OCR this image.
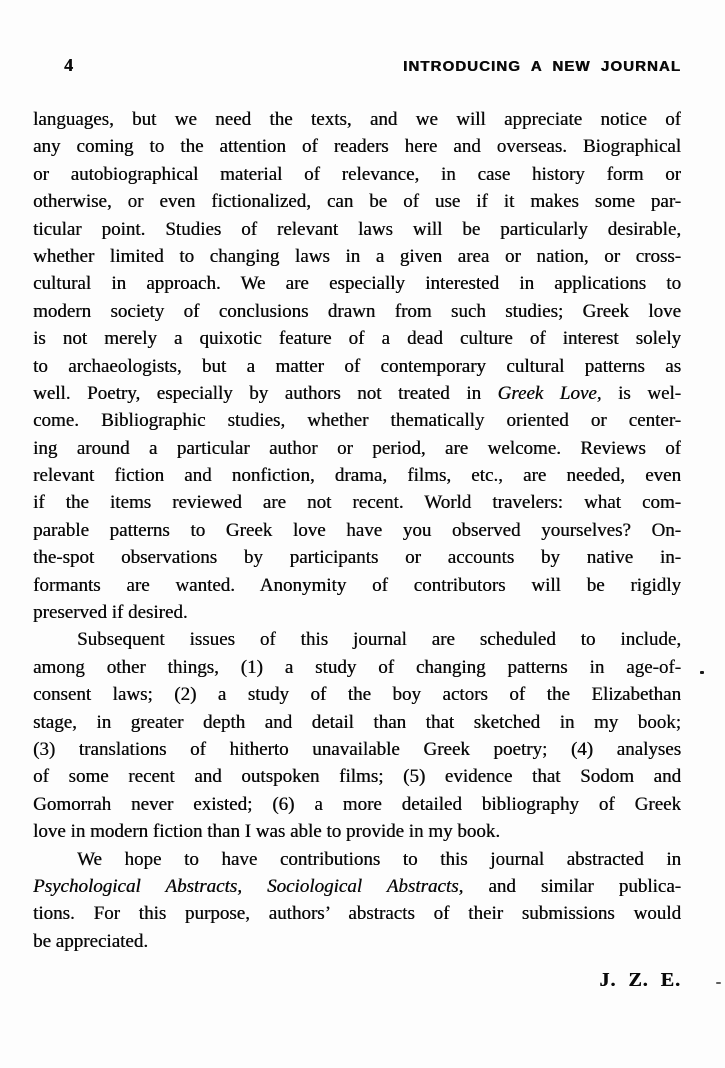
4	INTRODUCING A NEW JOURNAL
languages, but we need the texts, and we will appreciate notice of
any coming to the attention of readers here and overseas. Biographical
or autobiographical material of relevance, in case history form or
otherwise, or even fictionalized, can be of use if it makes some par-
ticular point. Studies of relevant laws will be particularly desirable,
whether limited to changing laws in a given area or nation, or cross-
cultural in approach. We are especially interested in applications to
modern society of conclusions drawn from such studies; Greek love
is not merely a quixotic feature of a dead culture of interest solely
to archaeologists, but a matter of contemporary cultural patterns as
well. Poetry, especially by authors not treated in Greek Love, is wel-
come. Bibliographic studies, whether thematically oriented or center-
ing around a particular author or period, are welcome. Reviews of
relevant fiction and nonfiction, drama, films, etc., are needed, even
if the items reviewed are not recent. World travelers: what com-
parable patterns to Greek love have you observed yourselves? On-
the-spot observations by participants or accounts by native in-
formants are wanted. Anonymity of contributors will be rigidly
preserved if desired.
Subsequent issues of this journal are scheduled to include,
among other things, (1) a study of changing patterns in age-of-
consent laws; (2) a study of the boy actors of the Elizabethan
stage, in greater depth and detail than that sketched in my book;
(3) translations of hitherto unavailable Greek poetry; (4) analyses
of some recent and outspoken films; (5) evidence that Sodom and
Gomorrah never existed; (6) a more detailed bibliography of Greek
love in modern fiction than I was able to provide in my book.
We hope to have contributions to this journal abstracted in
Psychological Abstracts, Sociological Abstracts, and similar publica-
tions. For this purpose, authors’ abstracts of their submissions would
be appreciated.
J. Z. E.
